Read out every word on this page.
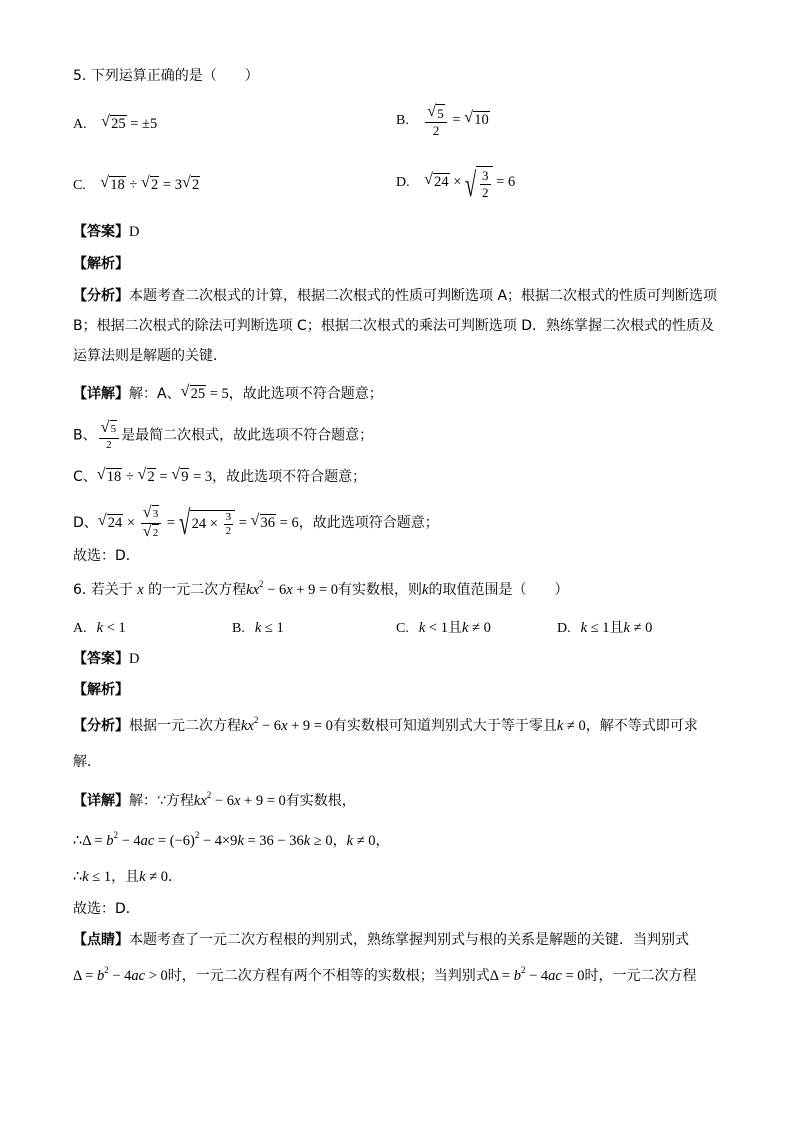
5. 下列运算正确的是（　　）
A. √ 25 = ±5	B. $\frac{√ 5}{2}$ = √ 10
C. √ 18 ÷ √ 2 = 3 √ 2	D. √ 24 × √ $\frac{3}{2} = 6$
【答案】D
【解析】
【分析】本题考查二次根式的计算，根据二次根式的性质可判断选项 A；根据二次根式的性质可判断选项
B；根据二次根式的除法可判断选项 C；根据二次根式的乘法可判断选项 D．熟练掌握二次根式的性质及
运算法则是解题的关键．
【详解】解：A、 √ 25 = 5，故此选项不符合题意；
B、 $\frac{√ 5}{2}$ 是最简二次根式，故此选项不符合题意；
C、 √ 18 ÷ √ 2 = √ 9 = 3，故此选项不符合题意；
D、 √ $24 \times \frac{√ 3}{√ 2}$ = √ $24 \times \frac{3}{2}$ = √ 36 = 6，故此选项符合题意；
故选：D．
6. 若关于 x 的一元二次方程$kx^2 - 6x + 9 = 0$有实数根，则k的取值范围是（　　）
A. k < 1	B. k ≤ 1	C. k < 1且k ≠ 0	D. k ≤ 1且k ≠ 0
【答案】D
【解析】
【分析】根据一元二次方程$kx^2 - 6x + 9 = 0$有实数根可知道判别式大于等于零且k ≠ 0，解不等式即可求
解．
【详解】解：∵方程$kx^2 - 6x + 9 = 0$有实数根，
∴Δ = $b^2 - 4ac = (-6)^2 - 4\times 9k = 36 - 36k \ge 0$，k ≠ 0，
∴k ≤ 1，且k ≠ 0．
故选：D．
【点睛】本题考查了一元二次方程根的判别式，熟练掌握判别式与根的关系是解题的关键．当判别式
$\Delta = b^2 - 4ac > 0$时，一元二次方程有两个不相等的实数根；当判别式$\Delta = b^2 - 4ac = 0$时，一元二次方程
